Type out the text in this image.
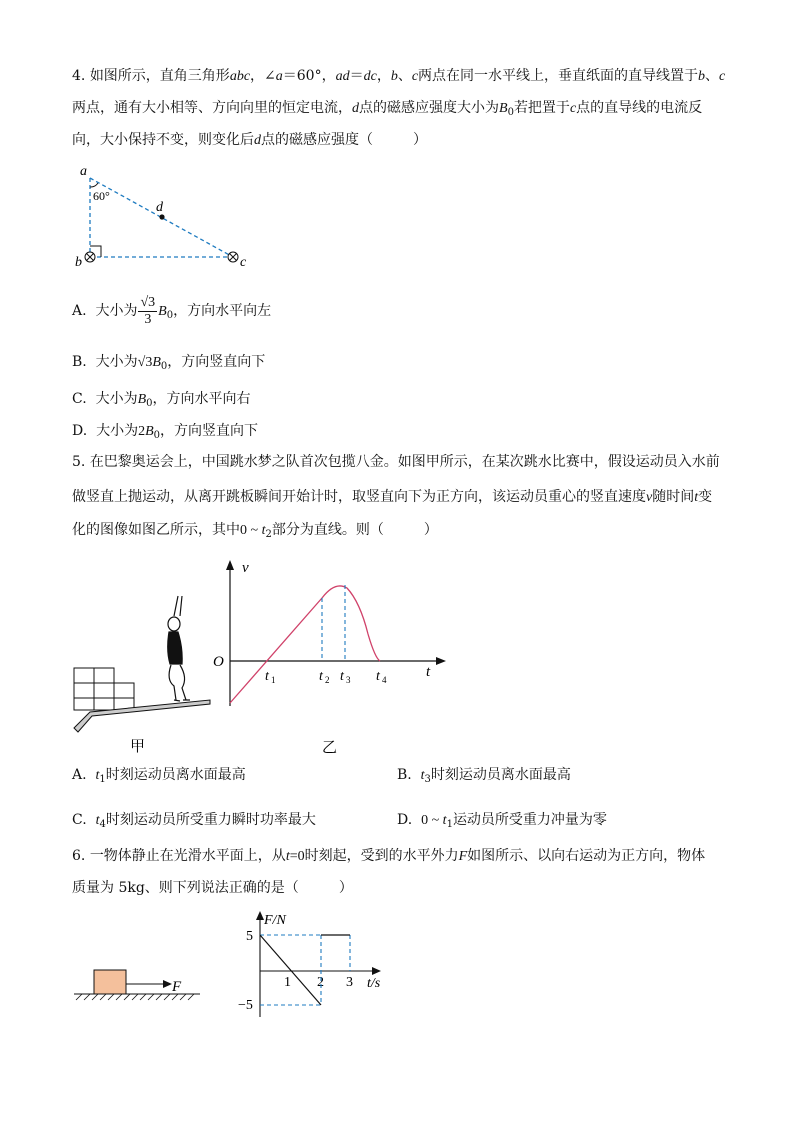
4. 如图所示，直角三角形abc，∠a＝60°，ad＝dc，b、c两点在同一水平线上，垂直纸面的直导线置于b、c
两点，通有大小相等、方向向里的恒定电流，d点的磁感应强度大小为$B_0$若把置于c点的直导线的电流反
向，大小保持不变，则变化后d点的磁感应强度（	）
a
60°
d
b	c
A. 大小为 $\frac{√3}{3} B_0$，方向水平向左
B. 大小为$√3B_0$，方向竖直向下
C. 大小为$B_0$，方向水平向右
D. 大小为$2B_0$，方向竖直向下
5. 在巴黎奥运会上，中国跳水梦之队首次包揽八金。如图甲所示，在某次跳水比赛中，假设运动员入水前
做竖直上抛运动，从离开跳板瞬间开始计时，取竖直向下为正方向，该运动员重心的竖直速度v随时间t变
化的图像如图乙所示，其中0 ~ $t_2$部分为直线。则（	）
甲
v
O
t
t 1	t 2 t 3 t 4
乙
A. $t_1$时刻运动员离水面最高	B. $t_3$时刻运动员离水面最高
C. $t_4$时刻运动员所受重力瞬时功率最大	D. 0 ~ $t_1$运动员所受重力冲量为零
6. 一物体静止在光滑水平面上，从t=0时刻起，受到的水平外力F如图所示、以向右运动为正方向，物体
质量为 5kg、则下列说法正确的是（	）
F
F/N
t/s
5
−5
1 2 3
